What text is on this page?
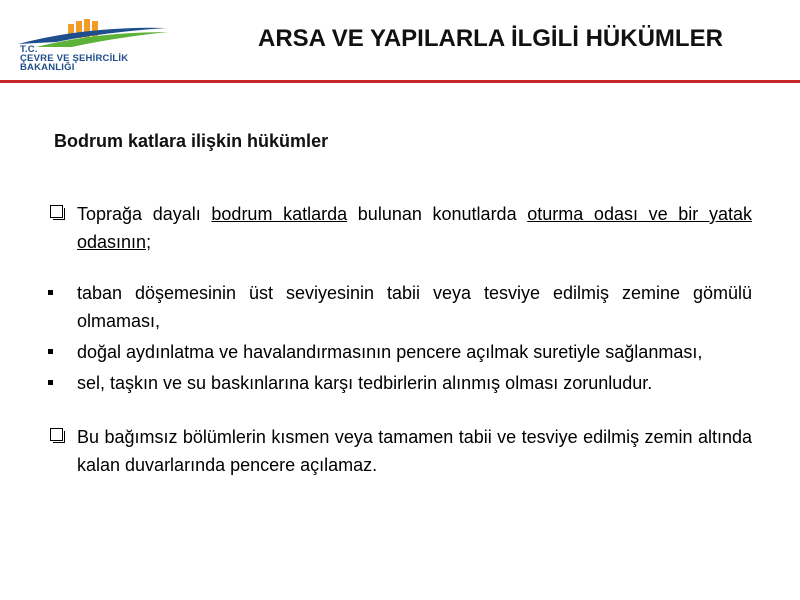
T.C.

ÇEVRE VE ŞEHİRCİLİK

BAKANLIĞI

ARSA VE YAPILARLA İLGİLİ HÜKÜMLER
Bodrum katlara ilişkin hükümler
Toprağa dayalı bodrum katlarda bulunan konutlarda oturma odası ve bir yatak odasının;
taban döşemesinin üst seviyesinin tabii veya tesviye edilmiş zemine gömülü olmaması,
doğal aydınlatma ve havalandırmasının pencere açılmak suretiyle sağlanması,
sel, taşkın ve su baskınlarına karşı tedbirlerin alınmış olması zorunludur.
Bu bağımsız bölümlerin kısmen veya tamamen tabii ve tesviye edilmiş zemin altında kalan duvarlarında pencere açılamaz.
